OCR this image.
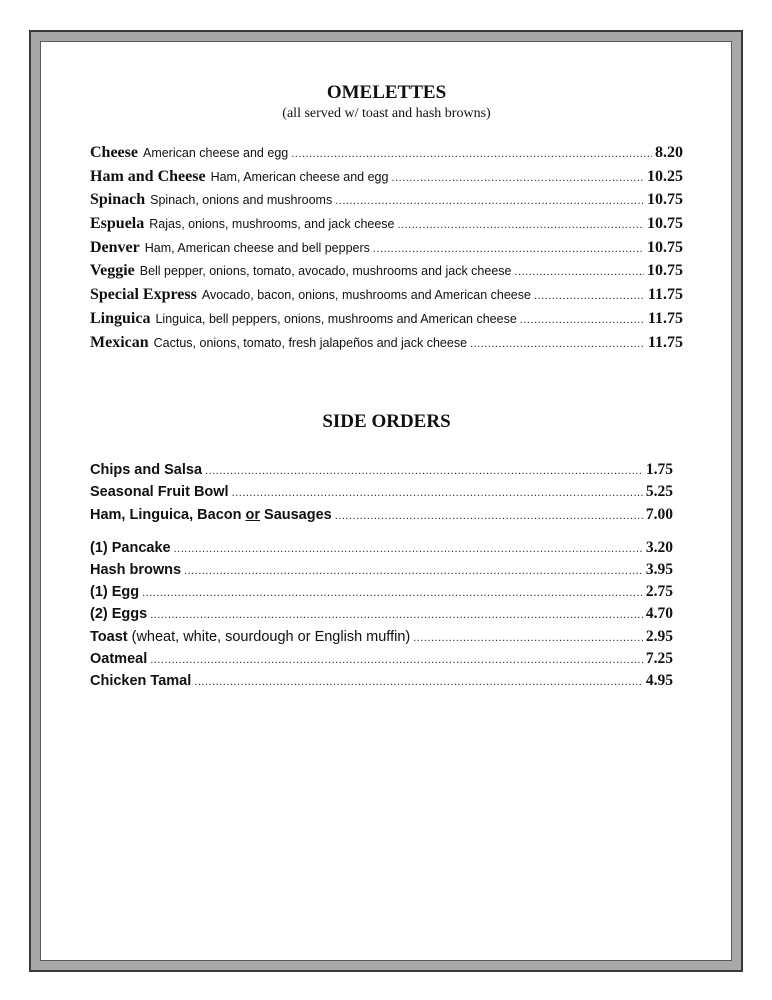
OMELETTES

(all served w/ toast and hash browns)

Cheese American cheese and egg .....	8.20
Ham and Cheese Ham, American cheese and egg .....	10.25
Spinach Spinach, onions and mushrooms .....	10.75
Espuela Rajas, onions, mushrooms, and jack cheese .....	10.75
Denver Ham, American cheese and bell peppers .....	10.75
Veggie Bell pepper, onions, tomato, avocado, mushrooms and jack cheese .....	10.75
Special Express Avocado, bacon, onions, mushrooms and American cheese .....	11.75
Linguica Linguica, bell peppers, onions, mushrooms and American cheese .....	11.75
Mexican Cactus, onions, tomato, fresh jalapeños and jack cheese .....	11.75
SIDE ORDERS
Chips and Salsa .....	1.75
Seasonal Fruit Bowl .....	5.25
Ham, Linguica, Bacon or Sausages .....	7.00
(1) Pancake .....	3.20
Hash browns .....	3.95
(1) Egg .....	2.75
(2) Eggs .....	4.70
Toast (wheat, white, sourdough or English muffin) .....	2.95
Oatmeal .....	7.25
Chicken Tamal .....	4.95
